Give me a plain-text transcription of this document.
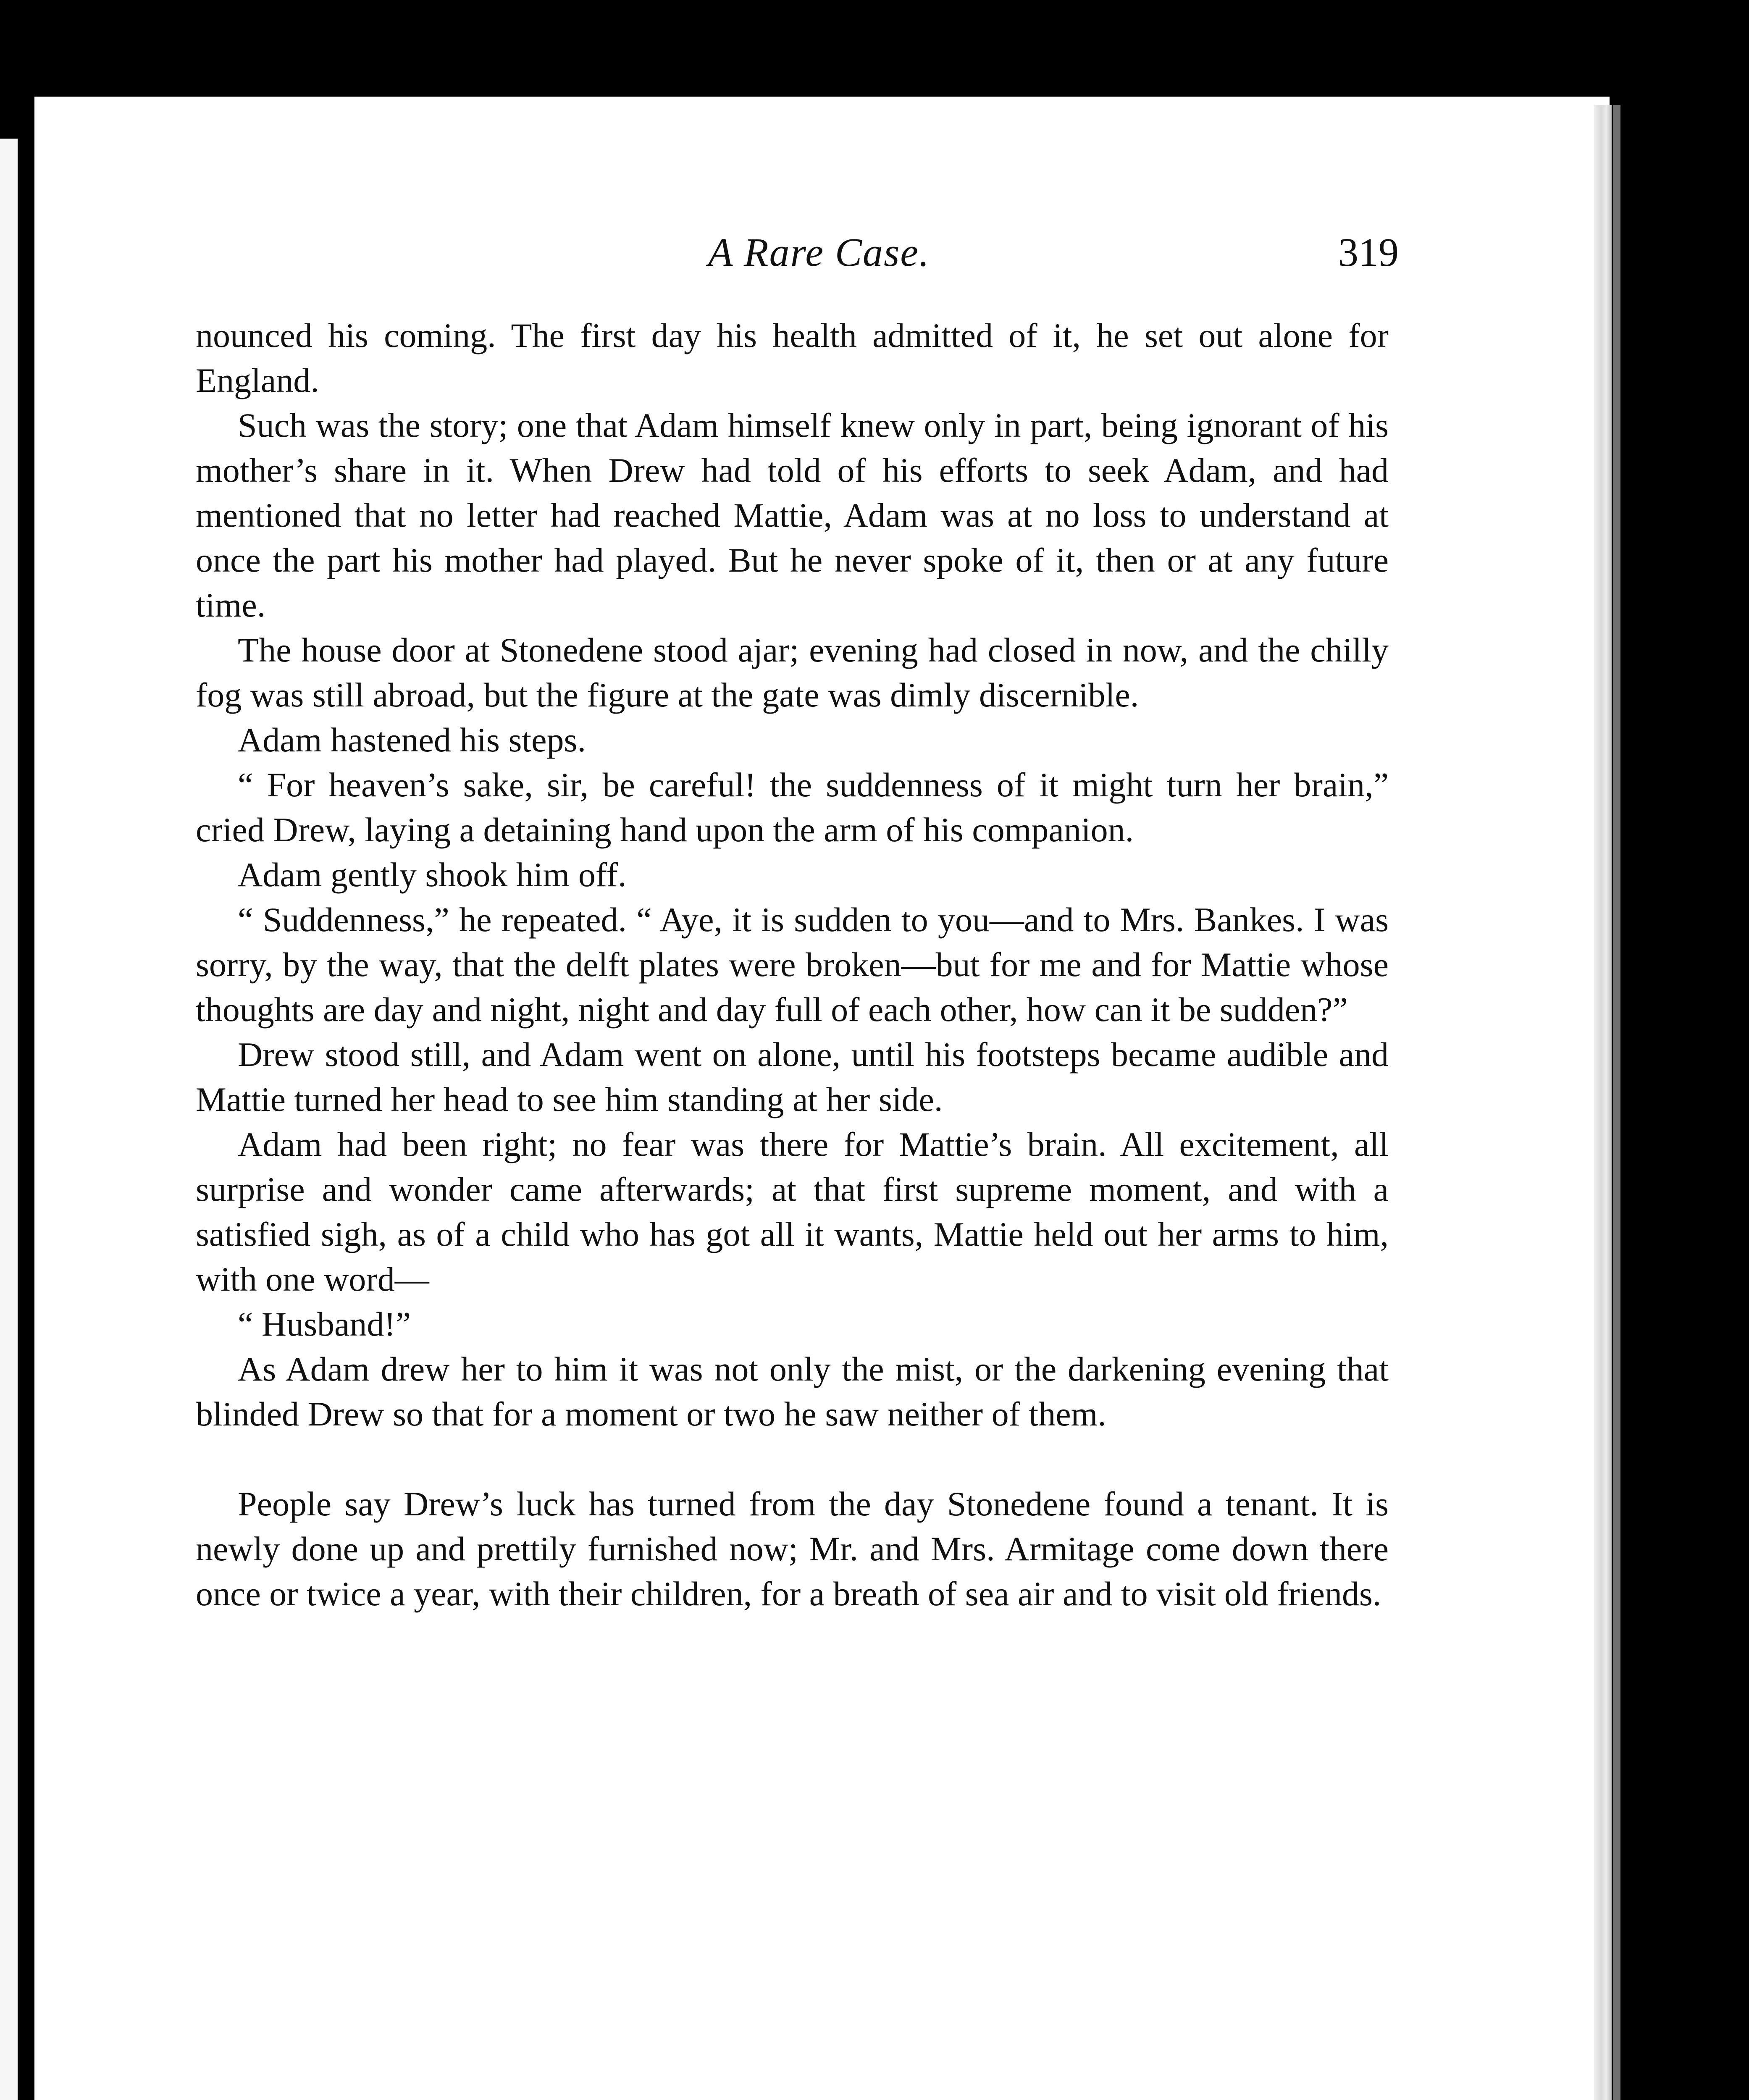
A Rare Case.	319

nounced his coming. The first day his health admitted of it, he set out alone for England.

Such was the story; one that Adam himself knew only in part, being ignorant of his mother’s share in it. When Drew had told of his efforts to seek Adam, and had mentioned that no letter had reached Mattie, Adam was at no loss to understand at once the part his mother had played. But he never spoke of it, then or at any future time.

The house door at Stonedene stood ajar; evening had closed in now, and the chilly fog was still abroad, but the figure at the gate was dimly discernible.

Adam hastened his steps.

“ For heaven’s sake, sir, be careful! the suddenness of it might turn her brain,” cried Drew, laying a detaining hand upon the arm of his companion.

Adam gently shook him off.

“ Suddenness,” he repeated. “ Aye, it is sudden to you—and to Mrs. Bankes. I was sorry, by the way, that the delft plates were broken—but for me and for Mattie whose thoughts are day and night, night and day full of each other, how can it be sudden?”

Drew stood still, and Adam went on alone, until his footsteps became audible and Mattie turned her head to see him standing at her side.

Adam had been right; no fear was there for Mattie’s brain. All excitement, all surprise and wonder came afterwards; at that first supreme moment, and with a satisfied sigh, as of a child who has got all it wants, Mattie held out her arms to him, with one word—

“ Husband!”

As Adam drew her to him it was not only the mist, or the darkening evening that blinded Drew so that for a moment or two he saw neither of them.

People say Drew’s luck has turned from the day Stonedene found a tenant. It is newly done up and prettily furnished now; Mr. and Mrs. Armitage come down there once or twice a year, with their children, for a breath of sea air and to visit old friends.
